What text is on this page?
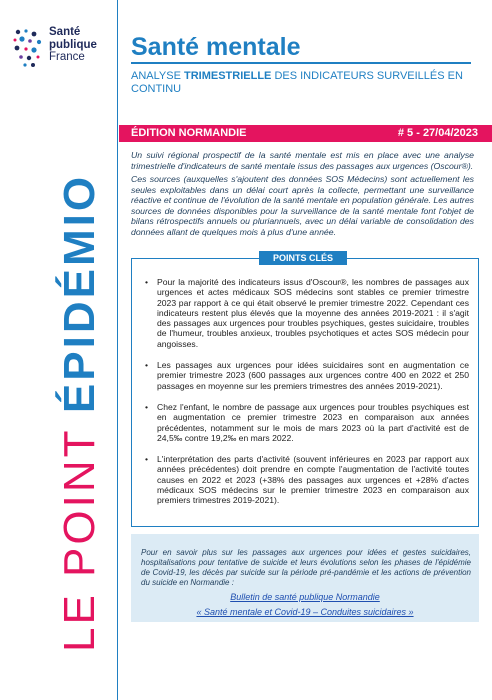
Santé
publique
France
LE POINT ÉPIDÉMIO
Santé mentale
ANALYSE TRIMESTRIELLE DES INDICATEURS SURVEILLÉS EN CONTINU
ÉDITION NORMANDIE	# 5 - 27/04/2023

Un suivi régional prospectif de la santé mentale est mis en place avec une analyse trimestrielle d'indicateurs de santé mentale issus des passages aux urgences (Oscour®).

Ces sources (auxquelles s'ajoutent des données SOS Médecins) sont actuellement les seules exploitables dans un délai court après la collecte, permettant une surveillance réactive et continue de l'évolution de la santé mentale en population générale. Les autres sources de données disponibles pour la surveillance de la santé mentale font l'objet de bilans rétrospectifs annuels ou pluriannuels, avec un délai variable de consolidation des données allant de quelques mois à plus d'une année.

POINTS CLÉS
• Pour la majorité des indicateurs issus d'Oscour®, les nombres de passages aux urgences et actes médicaux SOS médecins sont stables ce premier trimestre 2023 par rapport à ce qui était observé le premier trimestre 2022. Cependant ces indicateurs restent plus élevés que la moyenne des années 2019-2021 : il s'agit des passages aux urgences pour troubles psychiques, gestes suicidaire, troubles de l'humeur, troubles anxieux, troubles psychotiques et actes SOS médecin pour angoisses.
• Les passages aux urgences pour idées suicidaires sont en augmentation ce premier trimestre 2023 (600 passages aux urgences contre 400 en 2022 et 250 passages en moyenne sur les premiers trimestres des années 2019-2021).
• Chez l'enfant, le nombre de passage aux urgences pour troubles psychiques est en augmentation ce premier trimestre 2023 en comparaison aux années précédentes, notamment sur le mois de mars 2023 où la part d'activité est de 24,5‰ contre 19,2‰ en mars 2022.
• L'interprétation des parts d'activité (souvent inférieures en 2023 par rapport aux années précédentes) doit prendre en compte l'augmentation de l'activité toutes causes en 2022 et 2023 (+38% des passages aux urgences et +28% d'actes médicaux SOS médecins sur le premier trimestre 2023 en comparaison aux premiers trimestres 2019-2021).

Pour en savoir plus sur les passages aux urgences pour idées et gestes suicidaires, hospitalisations pour tentative de suicide et leurs évolutions selon les phases de l'épidémie de Covid-19, les décès par suicide sur la période pré-pandémie et les actions de prévention du suicide en Normandie :

Bulletin de santé publique Normandie
« Santé mentale et Covid-19 – Conduites suicidaires »
